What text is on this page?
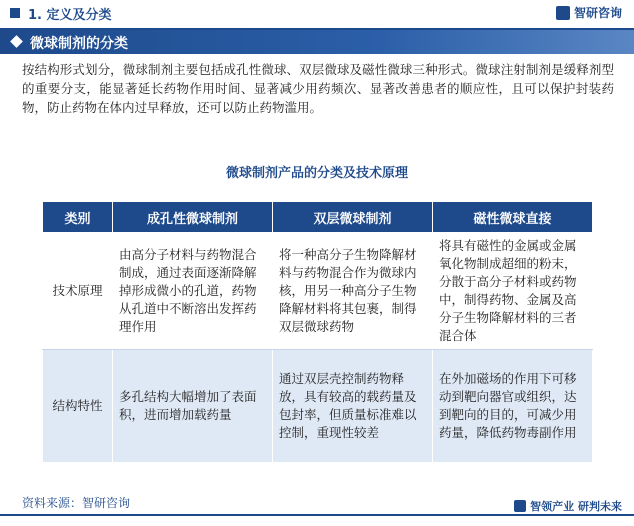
1. 定义及分类	智研咨询
微球制剂的分类

按结构形式划分，微球制剂主要包括成孔性微球、双层微球及磁性微球三种形式。微球注射制剂是缓释剂型的重要分支，能显著延长药物作用时间、显著减少用药频次、显著改善患者的顺应性，且可以保护封装药物，防止药物在体内过早释放，还可以防止药物滥用。

微球制剂产品的分类及技术原理
类别	成孔性微球制剂	双层微球制剂	磁性微球直接
技术原理	由高分子材料与药物混合制成，通过表面逐渐降解掉形成微小的孔道，药物从孔道中不断溶出发挥药理作用	将一种高分子生物降解材料与药物混合作为微球内核，用另一种高分子生物降解材料将其包裹，制得双层微球药物	将具有磁性的金属或金属氧化物制成超细的粉末，分散于高分子材料或药物中，制得药物、金属及高分子生物降解材料的三者混合体
结构特性	多孔结构大幅增加了表面积，进而增加载药量	通过双层壳控制药物释放，具有较高的载药量及包封率，但质量标准难以控制，重现性较差	在外加磁场的作用下可移动到靶向器官或组织，达到靶向的目的，可减少用药量，降低药物毒副作用
资料来源：智研咨询	智领产业 研判未来
